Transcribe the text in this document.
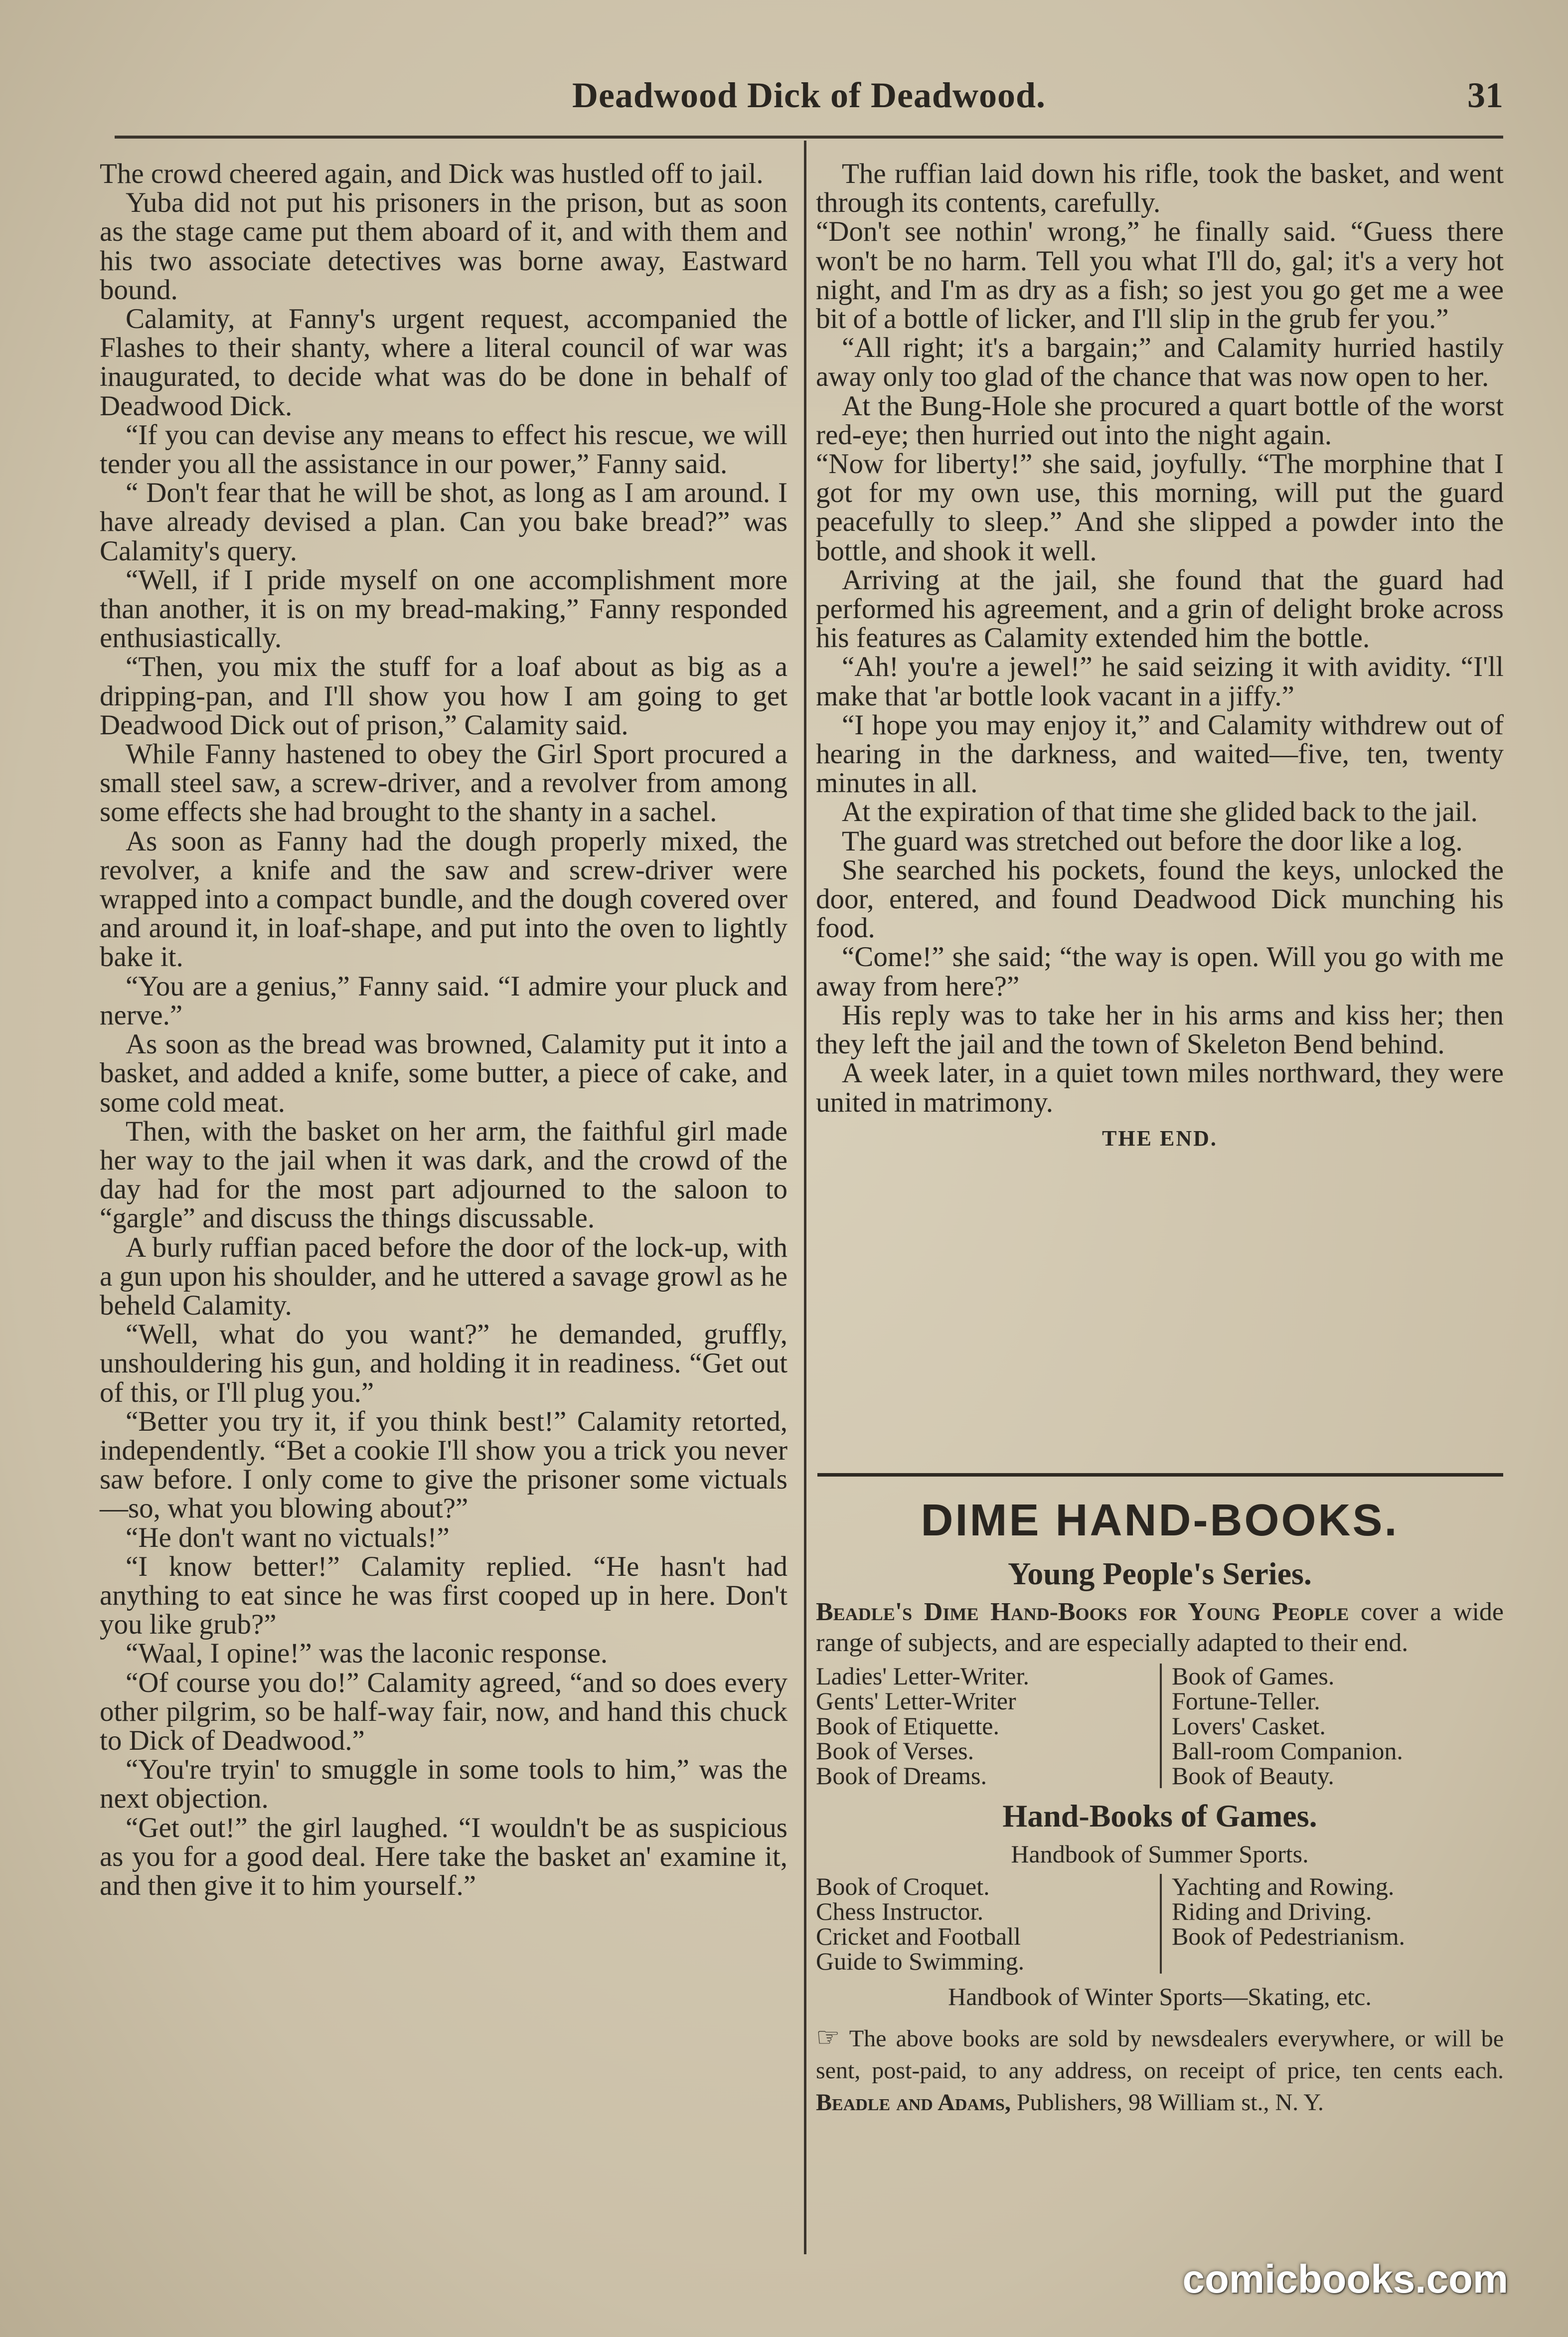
Deadwood Dick of Deadwood.	31

The crowd cheered again, and Dick was hustled off to jail.

Yuba did not put his prisoners in the prison, but as soon as the stage came put them aboard of it, and with them and his two associate detectives was borne away, Eastward bound.

Calamity, at Fanny's urgent request, accompanied the Flashes to their shanty, where a literal council of war was inaugurated, to decide what was do be done in behalf of Deadwood Dick.

“If you can devise any means to effect his rescue, we will tender you all the assistance in our power,” Fanny said.

“ Don't fear that he will be shot, as long as I am around. I have already devised a plan. Can you bake bread?” was Calamity's query.

“Well, if I pride myself on one accomplishment more than another, it is on my bread-making,” Fanny responded enthusiastically.

“Then, you mix the stuff for a loaf about as big as a dripping-pan, and I'll show you how I am going to get Deadwood Dick out of prison,” Calamity said.

While Fanny hastened to obey the Girl Sport procured a small steel saw, a screw-driver, and a revolver from among some effects she had brought to the shanty in a sachel.

As soon as Fanny had the dough properly mixed, the revolver, a knife and the saw and screw-driver were wrapped into a compact bundle, and the dough covered over and around it, in loaf-shape, and put into the oven to lightly bake it.

“You are a genius,” Fanny said. “I admire your pluck and nerve.”

As soon as the bread was browned, Calamity put it into a basket, and added a knife, some butter, a piece of cake, and some cold meat.

Then, with the basket on her arm, the faithful girl made her way to the jail when it was dark, and the crowd of the day had for the most part adjourned to the saloon to “gargle” and discuss the things discussable.

A burly ruffian paced before the door of the lock-up, with a gun upon his shoulder, and he uttered a savage growl as he beheld Calamity.

“Well, what do you want?” he demanded, gruffly, unshouldering his gun, and holding it in readiness. “Get out of this, or I'll plug you.”

“Better you try it, if you think best!” Calamity retorted, independently. “Bet a cookie I'll show you a trick you never saw before. I only come to give the prisoner some victuals—so, what you blowing about?”

“He don't want no victuals!”

“I know better!” Calamity replied. “He hasn't had anything to eat since he was first cooped up in here. Don't you like grub?”

“Waal, I opine!” was the laconic response.

“Of course you do!” Calamity agreed, “and so does every other pilgrim, so be half-way fair, now, and hand this chuck to Dick of Deadwood.”

“You're tryin' to smuggle in some tools to him,” was the next objection.

“Get out!” the girl laughed. “I wouldn't be as suspicious as you for a good deal. Here take the basket an' examine it, and then give it to him yourself.”

The ruffian laid down his rifle, took the basket, and went through its contents, carefully.

“Don't see nothin' wrong,” he finally said. “Guess there won't be no harm. Tell you what I'll do, gal; it's a very hot night, and I'm as dry as a fish; so jest you go get me a wee bit of a bottle of licker, and I'll slip in the grub fer you.”

“All right; it's a bargain;” and Calamity hurried hastily away only too glad of the chance that was now open to her.

At the Bung-Hole she procured a quart bottle of the worst red-eye; then hurried out into the night again.

“Now for liberty!” she said, joyfully. “The morphine that I got for my own use, this morning, will put the guard peacefully to sleep.” And she slipped a powder into the bottle, and shook it well.

Arriving at the jail, she found that the guard had performed his agreement, and a grin of delight broke across his features as Calamity extended him the bottle.

“Ah! you're a jewel!” he said seizing it with avidity. “I'll make that 'ar bottle look vacant in a jiffy.”

“I hope you may enjoy it,” and Calamity withdrew out of hearing in the darkness, and waited—five, ten, twenty minutes in all.

At the expiration of that time she glided back to the jail.

The guard was stretched out before the door like a log.

She searched his pockets, found the keys, unlocked the door, entered, and found Deadwood Dick munching his food.

“Come!” she said; “the way is open. Will you go with me away from here?”

His reply was to take her in his arms and kiss her; then they left the jail and the town of Skeleton Bend behind.

A week later, in a quiet town miles northward, they were united in matrimony.

THE END.
DIME HAND-BOOKS.
Young People's Series.

Beadle's Dime Hand-Books for Young People cover a wide range of subjects, and are especially adapted to their end.

Ladies' Letter-Writer.
Gents' Letter-Writer
Book of Etiquette.
Book of Verses.
Book of Dreams.
Book of Games.
Fortune-Teller.
Lovers' Casket.
Ball-room Companion.
Book of Beauty.
Hand-Books of Games.
Handbook of Summer Sports.
Book of Croquet.
Chess Instructor.
Cricket and Football
Guide to Swimming.
Yachting and Rowing.
Riding and Driving.
Book of Pedestrianism.
Handbook of Winter Sports—Skating, etc.

☞ The above books are sold by newsdealers everywhere, or will be sent, post-paid, to any address, on receipt of price, ten cents each. Beadle and Adams, Publishers, 98 William st., N. Y.

comicbooks.com
